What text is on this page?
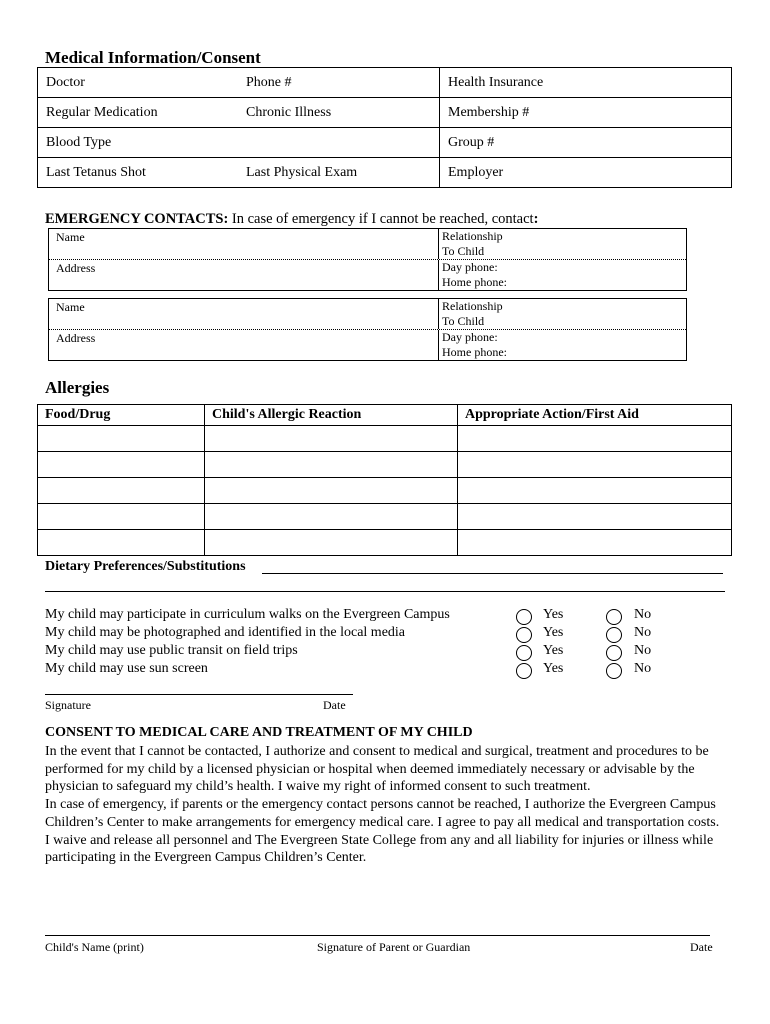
Medical Information/Consent
Doctor	Phone #	Health Insurance
Regular Medication	Chronic Illness	Membership #
Blood Type		Group #
Last Tetanus Shot	Last Physical Exam	Employer
EMERGENCY CONTACTS: In case of emergency if I cannot be reached, contact:
Name	Relationship
To Child
Address	Day phone:
Home phone:
Name	Relationship
To Child
Address	Day phone:
Home phone:
Allergies
Food/Drug	Child's Allergic Reaction	Appropriate Action/First Aid

Dietary Preferences/Substitutions
My child may participate in curriculum walks on the Evergreen Campus
My child may be photographed and identified in the local media
My child may use public transit on field trips
My child may use sun screen
Yes	No
Yes	No
Yes	No
Yes	No
Signature	Date
CONSENT TO MEDICAL CARE AND TREATMENT OF MY CHILD

In the event that I cannot be contacted, I authorize and consent to medical and surgical, treatment and procedures to be performed for my child by a licensed physician or hospital when deemed immediately necessary or advisable by the physician to safeguard my child’s health. I waive my right of informed consent to such treatment.

In case of emergency, if parents or the emergency contact persons cannot be reached, I authorize the Evergreen Campus Children’s Center to make arrangements for emergency medical care. I agree to pay all medical and transportation costs.

I waive and release all personnel and The Evergreen State College from any and all liability for injuries or illness while participating in the Evergreen Campus Children’s Center.

Child's Name (print)	Signature of Parent or Guardian	Date
